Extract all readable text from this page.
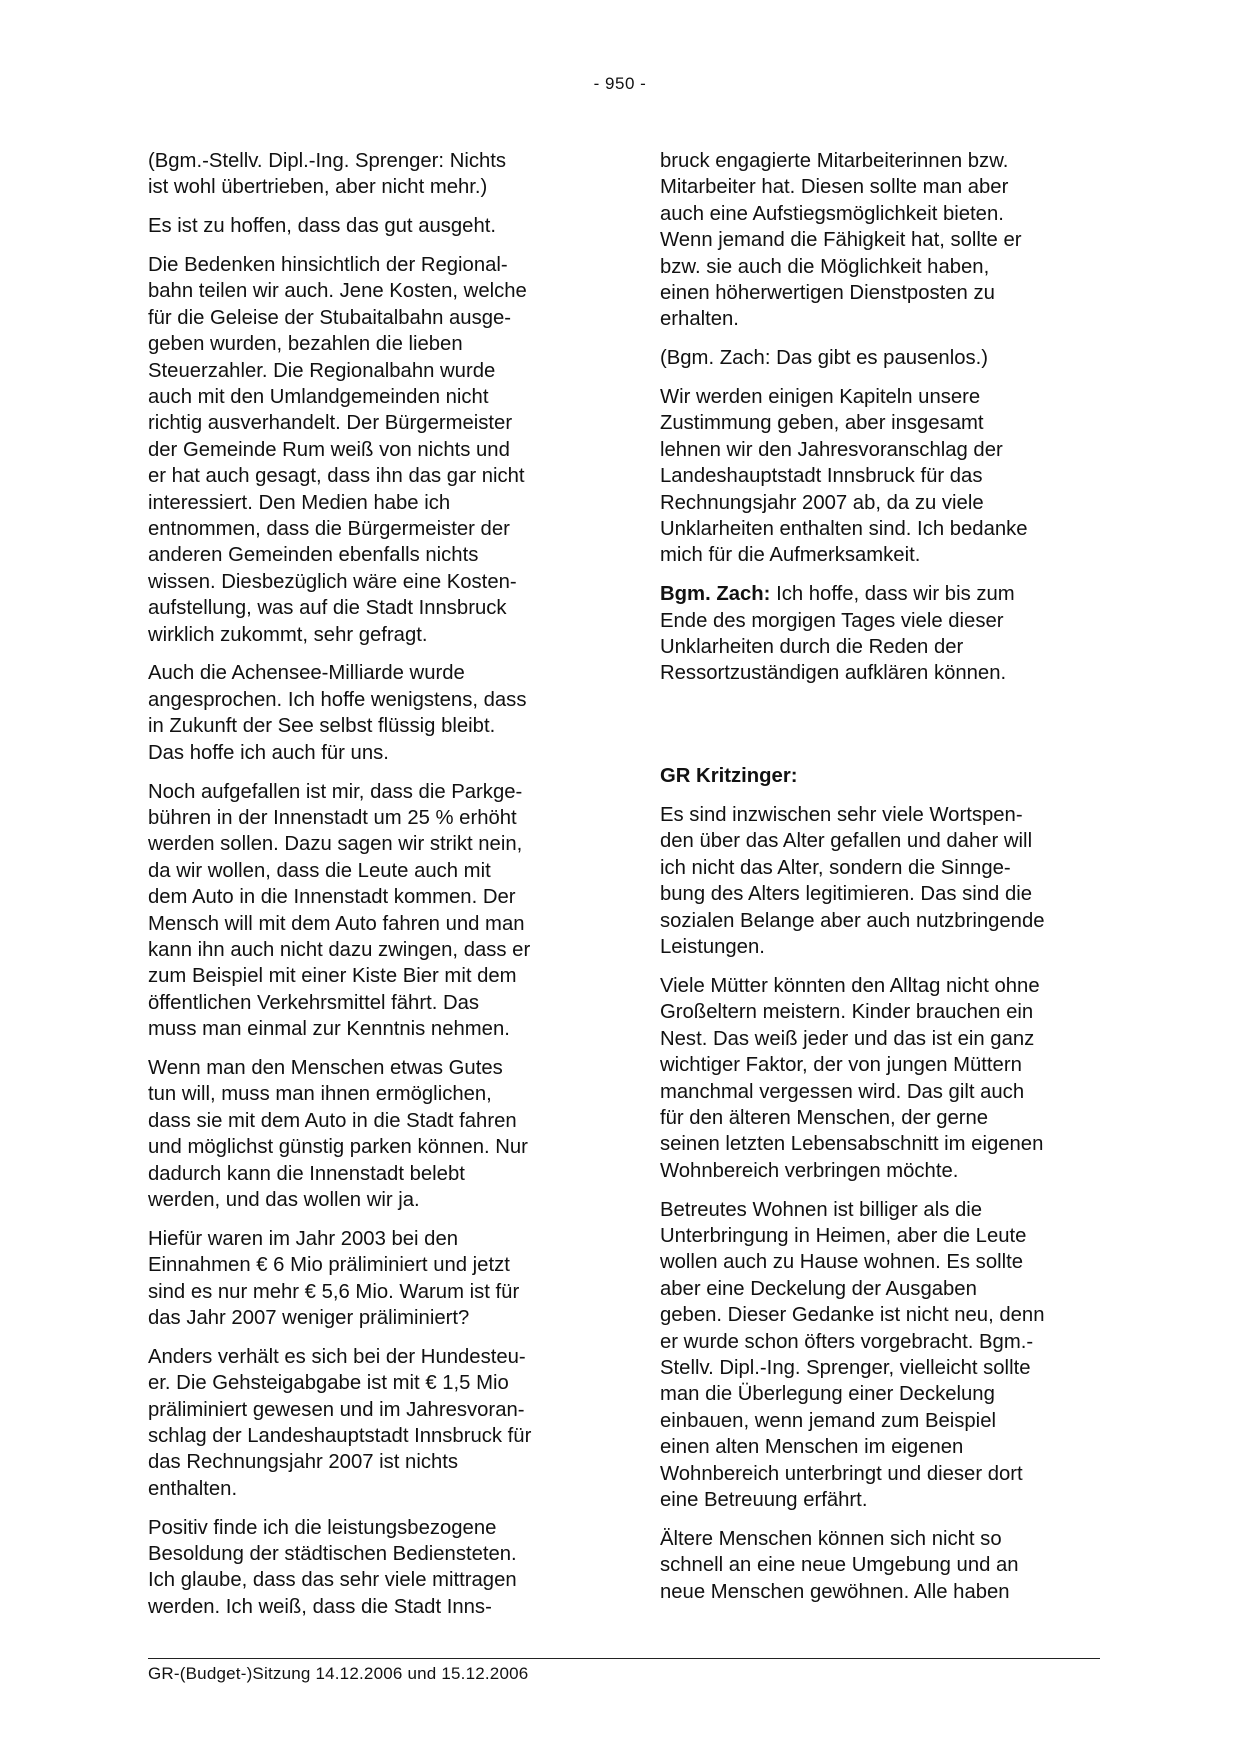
- 950 -

(Bgm.-Stellv. Dipl.-Ing. Sprenger: Nichts
ist wohl übertrieben, aber nicht mehr.)

Es ist zu hoffen, dass das gut ausgeht.

Die Bedenken hinsichtlich der Regional-
bahn teilen wir auch. Jene Kosten, welche
für die Geleise der Stubaitalbahn ausge-
geben wurden, bezahlen die lieben
Steuerzahler. Die Regionalbahn wurde
auch mit den Umlandgemeinden nicht
richtig ausverhandelt. Der Bürgermeister
der Gemeinde Rum weiß von nichts und
er hat auch gesagt, dass ihn das gar nicht
interessiert. Den Medien habe ich
entnommen, dass die Bürgermeister der
anderen Gemeinden ebenfalls nichts
wissen. Diesbezüglich wäre eine Kosten-
aufstellung, was auf die Stadt Innsbruck
wirklich zukommt, sehr gefragt.

Auch die Achensee-Milliarde wurde
angesprochen. Ich hoffe wenigstens, dass
in Zukunft der See selbst flüssig bleibt.
Das hoffe ich auch für uns.

Noch aufgefallen ist mir, dass die Parkge-
bühren in der Innenstadt um 25 % erhöht
werden sollen. Dazu sagen wir strikt nein,
da wir wollen, dass die Leute auch mit
dem Auto in die Innenstadt kommen. Der
Mensch will mit dem Auto fahren und man
kann ihn auch nicht dazu zwingen, dass er
zum Beispiel mit einer Kiste Bier mit dem
öffentlichen Verkehrsmittel fährt. Das
muss man einmal zur Kenntnis nehmen.

Wenn man den Menschen etwas Gutes
tun will, muss man ihnen ermöglichen,
dass sie mit dem Auto in die Stadt fahren
und möglichst günstig parken können. Nur
dadurch kann die Innenstadt belebt
werden, und das wollen wir ja.

Hiefür waren im Jahr 2003 bei den
Einnahmen € 6 Mio präliminiert und jetzt
sind es nur mehr € 5,6 Mio. Warum ist für
das Jahr 2007 weniger präliminiert?

Anders verhält es sich bei der Hundesteu-
er. Die Gehsteigabgabe ist mit € 1,5 Mio
präliminiert gewesen und im Jahresvoran-
schlag der Landeshauptstadt Innsbruck für
das Rechnungsjahr 2007 ist nichts
enthalten.

Positiv finde ich die leistungsbezogene
Besoldung der städtischen Bediensteten.
Ich glaube, dass das sehr viele mittragen
werden. Ich weiß, dass die Stadt Inns-

bruck engagierte Mitarbeiterinnen bzw.
Mitarbeiter hat. Diesen sollte man aber
auch eine Aufstiegsmöglichkeit bieten.
Wenn jemand die Fähigkeit hat, sollte er
bzw. sie auch die Möglichkeit haben,
einen höherwertigen Dienstposten zu
erhalten.

(Bgm. Zach: Das gibt es pausenlos.)

Wir werden einigen Kapiteln unsere
Zustimmung geben, aber insgesamt
lehnen wir den Jahresvoranschlag der
Landeshauptstadt Innsbruck für das
Rechnungsjahr 2007 ab, da zu viele
Unklarheiten enthalten sind. Ich bedanke
mich für die Aufmerksamkeit.

Bgm. Zach: Ich hoffe, dass wir bis zum
Ende des morgigen Tages viele dieser
Unklarheiten durch die Reden der
Ressortzuständigen aufklären können.

GR Kritzinger:

Es sind inzwischen sehr viele Wortspen-
den über das Alter gefallen und daher will
ich nicht das Alter, sondern die Sinnge-
bung des Alters legitimieren. Das sind die
sozialen Belange aber auch nutzbringende
Leistungen.

Viele Mütter könnten den Alltag nicht ohne
Großeltern meistern. Kinder brauchen ein
Nest. Das weiß jeder und das ist ein ganz
wichtiger Faktor, der von jungen Müttern
manchmal vergessen wird. Das gilt auch
für den älteren Menschen, der gerne
seinen letzten Lebensabschnitt im eigenen
Wohnbereich verbringen möchte.

Betreutes Wohnen ist billiger als die
Unterbringung in Heimen, aber die Leute
wollen auch zu Hause wohnen. Es sollte
aber eine Deckelung der Ausgaben
geben. Dieser Gedanke ist nicht neu, denn
er wurde schon öfters vorgebracht. Bgm.-
Stellv. Dipl.-Ing. Sprenger, vielleicht sollte
man die Überlegung einer Deckelung
einbauen, wenn jemand zum Beispiel
einen alten Menschen im eigenen
Wohnbereich unterbringt und dieser dort
eine Betreuung erfährt.

Ältere Menschen können sich nicht so
schnell an eine neue Umgebung und an
neue Menschen gewöhnen. Alle haben

GR-(Budget-)Sitzung 14.12.2006 und 15.12.2006
